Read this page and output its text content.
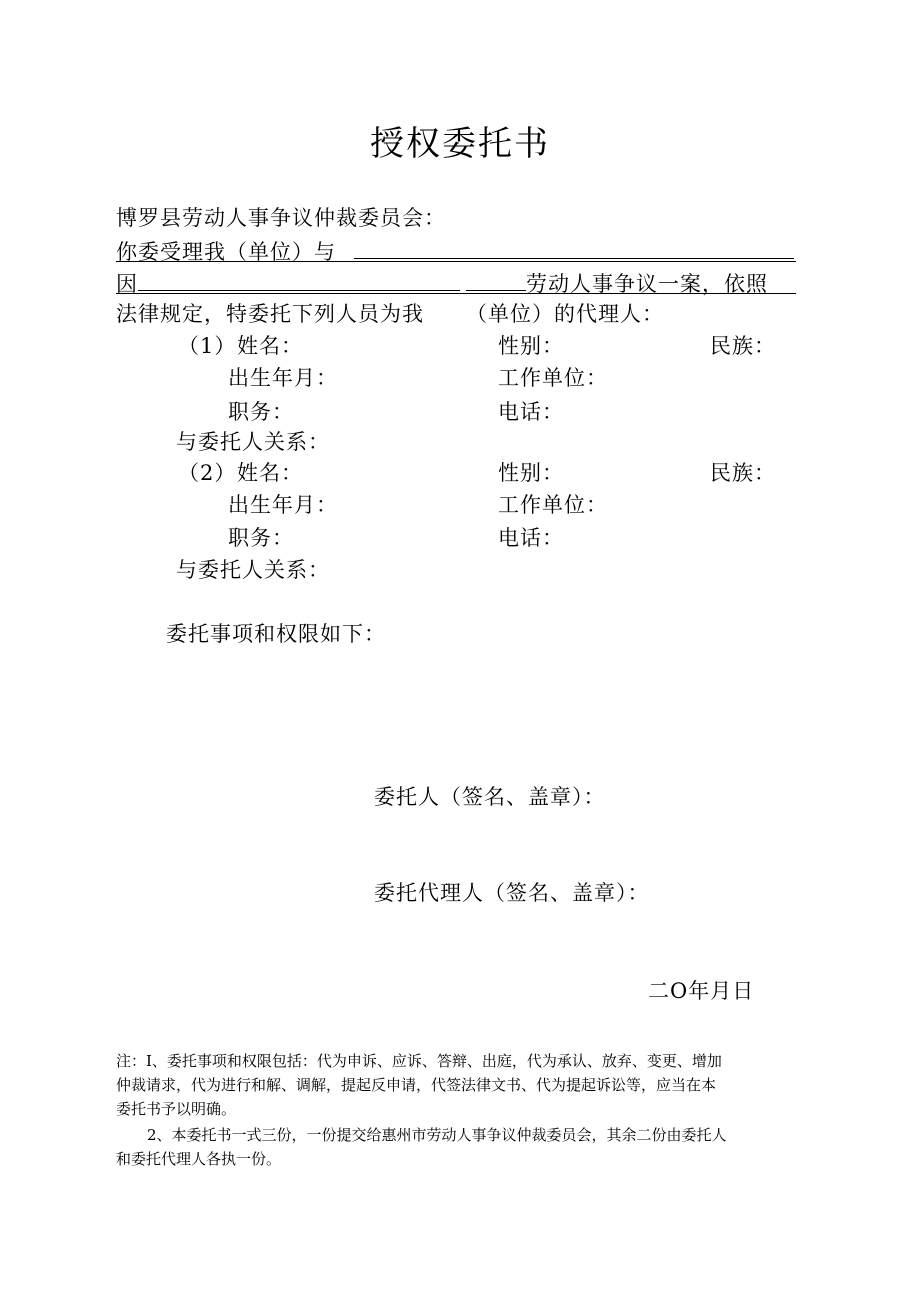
授权委托书
博罗县劳动人事争议仲裁委员会：
你委受理我（单位）与
因	劳动人事争议一案，依照
法律规定，特委托下列人员为我 （单位）的代理人：
（1） 姓名：	性别：	民族：
出生年月：	工作单位：
职务：	电话：
与委托人关系：
（2） 姓名：	性别：	民族：
出生年月：	工作单位：
职务：	电话：
与委托人关系：
委托事项和权限如下：
委托人（签名、盖章）：
委托代理人（签名、盖章）：
二O年月日
注：I、委托事项和权限包括：代为申诉、应诉、答辩、出庭，代为承认、放弃、变更、增加
仲裁请求，代为进行和解、调解，提起反申请，代签法律文书、代为提起诉讼等，应当在本
委托书予以明确。
2、本委托书一式三份，一份提交给惠州市劳动人事争议仲裁委员会，其余二份由委托人
和委托代理人各执一份。
